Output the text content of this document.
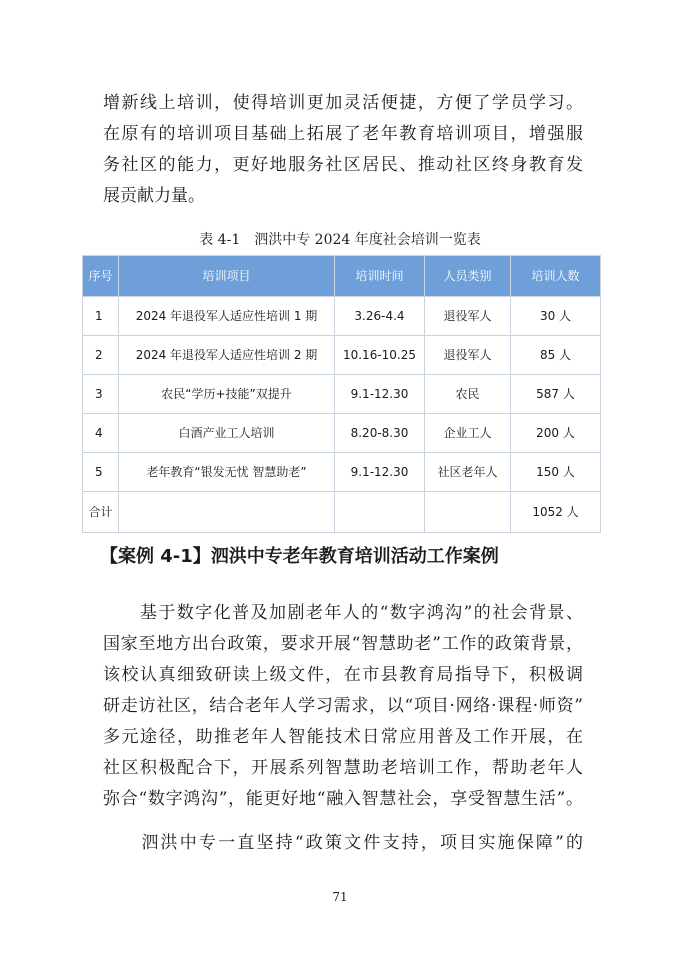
增新线上培训，使得培训更加灵活便捷，方便了学员学习。
在原有的培训项目基础上拓展了老年教育培训项目，增强服
务社区的能力，更好地服务社区居民、推动社区终身教育发
展贡献力量。
表 4-1　泗洪中专 2024 年度社会培训一览表
序号	培训项目	培训时间	人员类别	培训人数
1	2024 年退役军人适应性培训 1 期	3.26-4.4	退役军人	30 人
2	2024 年退役军人适应性培训 2 期	10.16-10.25	退役军人	85 人
3	农民“学历+技能”双提升	9.1-12.30	农民	587 人
4	白酒产业工人培训	8.20-8.30	企业工人	200 人
5	老年教育“银发无忧 智慧助老”	9.1-12.30	社区老年人	150 人
合计				1052 人
【案例 4-1】泗洪中专老年教育培训活动工作案例
　　基于数字化普及加剧老年人的“数字鸿沟”的社会背景、
国家至地方出台政策，要求开展“智慧助老”工作的政策背景，
该校认真细致研读上级文件，在市县教育局指导下，积极调
研走访社区，结合老年人学习需求，以“项目·网络·课程·师资”
多元途径，助推老年人智能技术日常应用普及工作开展，在
社区积极配合下，开展系列智慧助老培训工作，帮助老年人
弥合“数字鸿沟”，能更好地“融入智慧社会，享受智慧生活”。
　　泗洪中专一直坚持“政策文件支持，项目实施保障”的
71
